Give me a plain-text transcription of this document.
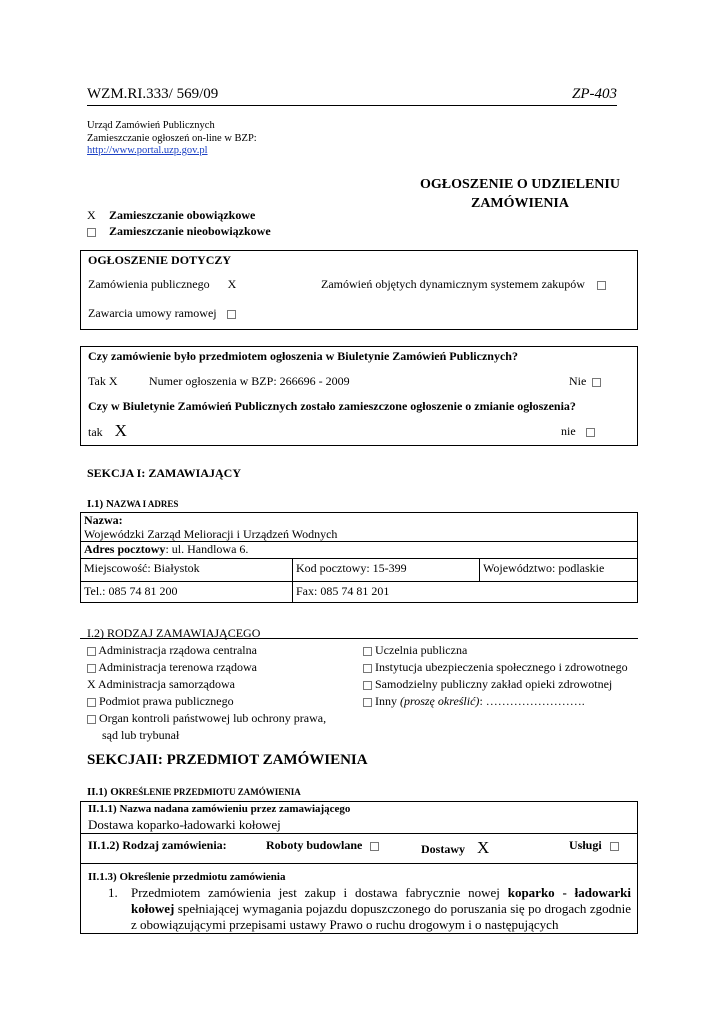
WZM.RI.333/ 569/09	ZP-403
Urząd Zamówień Publicznych
Zamieszczanie ogłoszeń on-line w BZP:
http://www.portal.uzp.gov.pl
OGŁOSZENIE O UDZIELENIU
ZAMÓWIENIA
X Zamieszczanie obowiązkowe
Zamieszczanie nieobowiązkowe
OGŁOSZENIE DOTYCZY
Zamówienia publicznego X	Zamówień objętych dynamicznym systemem zakupów
Zawarcia umowy ramowej
Czy zamówienie było przedmiotem ogłoszenia w Biuletynie Zamówień Publicznych?
Tak X	Numer ogłoszenia w BZP: 266696 - 2009	Nie
Czy w Biuletynie Zamówień Publicznych zostało zamieszczone ogłoszenie o zmianie ogłoszenia?
tak X	nie
SEKCJA I: ZAMAWIAJĄCY
I.1) NAZWA I ADRES
Nazwa:
Wojewódzki Zarząd Melioracji i Urządzeń Wodnych		

Adres pocztowy: ul. Handlowa 6.		
Miejscowość: Białystok	Kod pocztowy: 15-399	Województwo: podlaskie
Tel.: 085 74 81 200	Fax: 085 74 81 201	
I.2) RODZAJ ZAMAWIAJĄCEGO
Administracja rządowa centralna
Administracja terenowa rządowa
X Administracja samorządowa
Podmiot prawa publicznego
Organ kontroli państwowej lub ochrony prawa,
sąd lub trybunał
Uczelnia publiczna
Instytucja ubezpieczenia społecznego i zdrowotnego
Samodzielny publiczny zakład opieki zdrowotnej
Inny (proszę określić): …………………….
SEKCJAII: PRZEDMIOT ZAMÓWIENIA
II.1) OKREŚLENIE PRZEDMIOTU ZAMÓWIENIA
II.1.1) Nazwa nadana zamówieniu przez zamawiającego
Dostawa koparko-ładowarki kołowej
II.1.2) Rodzaj zamówienia:	Roboty budowlane	Dostawy X	Usługi
II.1.3) Określenie przedmiotu zamówienia
1.	Przedmiotem zamówienia jest zakup i dostawa fabrycznie nowej koparko - ładowarki kołowej spełniającej wymagania pojazdu dopuszczonego do poruszania się po drogach zgodnie z obowiązującymi przepisami ustawy Prawo o ruchu drogowym i o następujących
